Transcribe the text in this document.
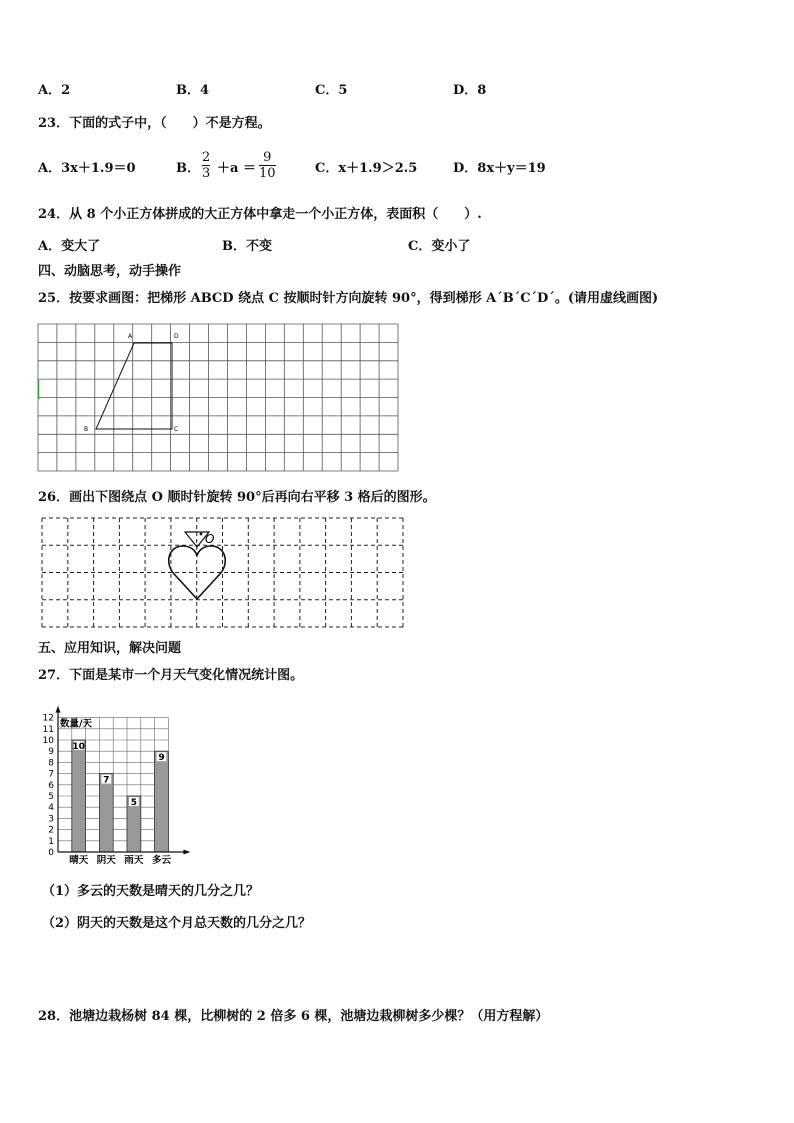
A．2	B．4	C．5	D．8
23．下面的式子中，（　　）不是方程。
A．3x＋1.9＝0	B．
2
3 ＋a ＝
9
10	C．x＋1.9＞2.5	D．8x＋y＝19
24．从 8 个小正方体拼成的大正方体中拿走一个小正方体，表面积（　　）.
A．变大了	B．不变	C．变小了
四、动脑思考，动手操作
25．按要求画图：把梯形 ABCD 绕点 C 按顺时针方向旋转 90°，得到梯形 A´B´C´D´。(请用虚线画图)
A	D
B	C
26．画出下图绕点 O 顺时针旋转 90°后再向右平移 3 格后的图形。
O
五、应用知识，解决问题
27．下面是某市一个月天气变化情况统计图。
0
1
2
3
4
5
6
7
8
9
10
11
12 数量/天
10
晴天
7
阴天
5
雨天
9
多云
（1）多云的天数是晴天的几分之几？
（2）阴天的天数是这个月总天数的几分之几？
28．池塘边栽杨树 84 棵，比柳树的 2 倍多 6 棵，池塘边栽柳树多少棵？（用方程解）
